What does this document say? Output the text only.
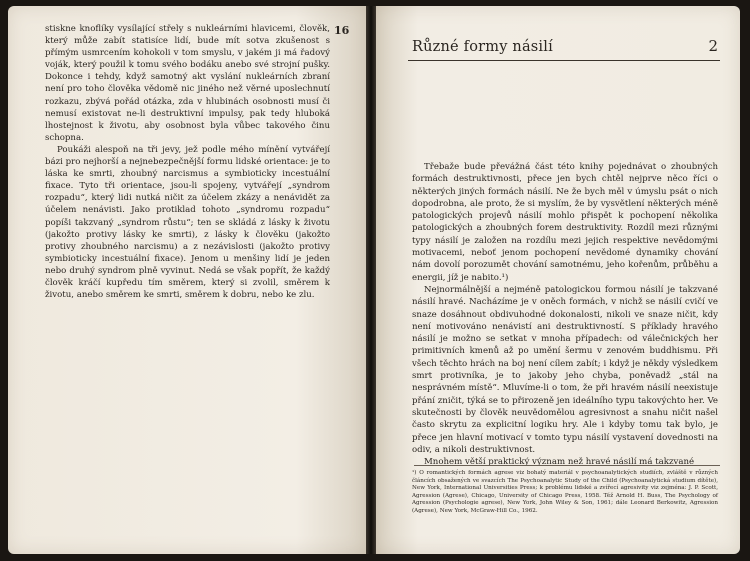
16

stiskne knoflíky vysílající střely s nukleárními hlavicemi, člověk, který může zabít statisíce lidí, bude mít sotva zkušenost s přímým usmrcením kohokoli v tom smyslu, v jakém ji má řadový voják, který použil k tomu svého bodáku anebo své strojní pušky. Dokonce i tehdy, když samotný akt vyslání nukleárních zbraní není pro toho člověka vědomě nic jiného než věrné uposlechnutí rozkazu, zbývá pořád otázka, zda v hlubinách osobnosti musí či nemusí existovat ne-li destruktivní impulsy, pak tedy hluboká lhostejnost k životu, aby osobnost byla vůbec takového činu schopna.

Poukáži alespoň na tři jevy, jež podle mého mínění vytvářejí bázi pro nejhorší a nejnebezpečnější formu lidské orientace: je to láska ke smrti, zhoubný narcismus a symbioticky incestuální fixace. Tyto tři orientace, jsou-li spojeny, vytvářejí „syndrom rozpadu“, který lidi nutká ničit za účelem zkázy a nenávidět za účelem nenávisti. Jako protiklad tohoto „syndromu rozpadu“ popíši takzvaný „syndrom růstu“; ten se skládá z lásky k životu (jakožto protivy lásky ke smrti), z lásky k člověku (jakožto protivy zhoubného narcismu) a z nezávislosti (jakožto protivy symbioticky incestuální fixace). Jenom u menšiny lidí je jeden nebo druhý syndrom plně vyvinut. Nedá se však popřít, že každý člověk kráčí kupředu tím směrem, který si zvolil, směrem k životu, anebo směrem ke smrti, směrem k dobru, nebo ke zlu.

Různé formy násilí	2

Třebaže bude převážná část této knihy pojednávat o zhoubných formách destruktivnosti, přece jen bych chtěl nejprve něco říci o některých jiných formách násilí. Ne že bych měl v úmyslu psát o nich dopodrobna, ale proto, že si myslím, že by vysvětlení některých méně patologických projevů násilí mohlo přispět k pochopení několika patologických a zhoubných forem destruktivity. Rozdíl mezi různými typy násilí je založen na rozdílu mezi jejich respektive nevědomými motivacemi, neboť jenom pochopení nevědomé dynamiky chování nám dovolí porozumět chování samotnému, jeho kořenům, průběhu a energii, jíž je nabito.¹)

Nejnormálnější a nejméně patologickou formou násilí je takzvané násilí hravé. Nacházíme je v oněch formách, v nichž se násilí cvičí ve snaze dosáhnout obdivuhodné dokonalosti, nikoli ve snaze ničit, kdy není motivováno nenávistí ani destruktivností. S příklady hravého násilí je možno se setkat v mnoha případech: od válečnických her primitivních kmenů až po umění šermu v zenovém buddhismu. Při všech těchto hrách na boj není cílem zabít; i když je někdy výsledkem smrt protivníka, je to jakoby jeho chyba, poněvadž „stál na nesprávném místě“. Mluvíme-li o tom, že při hravém násilí neexistuje přání zničit, týká se to přirozeně jen ideálního typu takovýchto her. Ve skutečnosti by člověk neuvědomělou agresivnost a snahu ničit našel často skrytu za explicitní logiku hry. Ale i kdyby tomu tak bylo, je přece jen hlavní motivací v tomto typu násilí vystavení dovednosti na odiv, a nikoli destruktivnost.

Mnohem větší praktický význam než hravé násilí má takzvané

¹) O romantických formách agrese viz bohatý materiál v psychoanalytických studiích, zvláště v různých článcích obsažených ve svazcích The Psychoanalytic Study of the Child (Psychoanalytická studium dítěte), New York, International Universities Press; k problému lidské a zvířecí agresivity viz zejména: J. P. Scott, Agression (Agrese), Chicago, University of Chicago Press, 1958. Též Arnold H. Buss, The Psychology of Agression (Psychologie agrese), New York, John Wiley & Son, 1961; dále Leonard Berkowitz, Agression (Agrese), New York, McGraw-Hill Co., 1962.
